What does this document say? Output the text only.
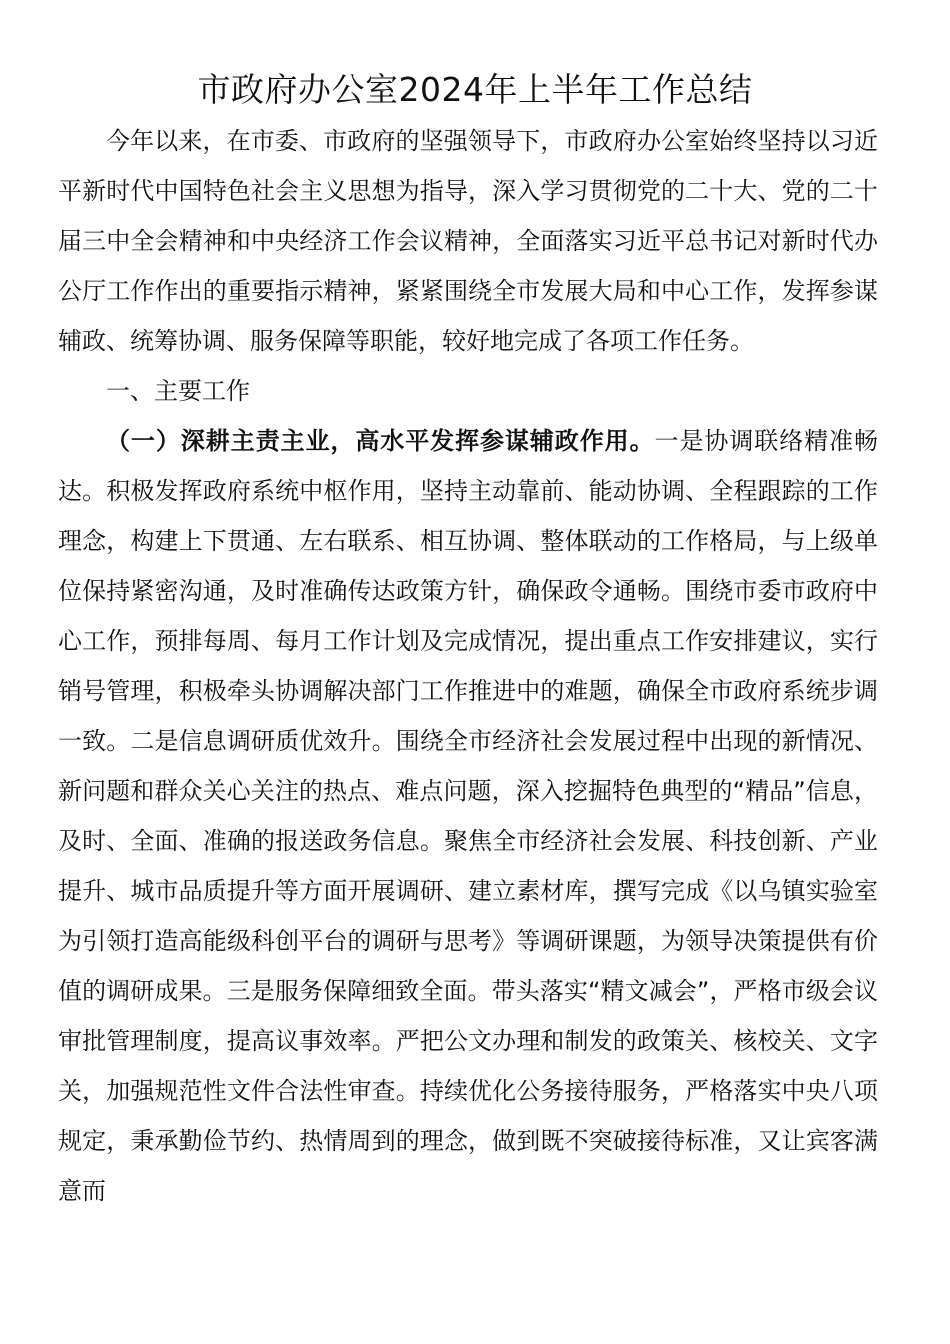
市政府办公室2024年上半年工作总结

今年以来，在市委、市政府的坚强领导下，市政府办公室始终坚持以习近平新时代中国特色社会主义思想为指导，深入学习贯彻党的二十大、党的二十届三中全会精神和中央经济工作会议精神，全面落实习近平总书记对新时代办公厅工作作出的重要指示精神，紧紧围绕全市发展大局和中心工作，发挥参谋辅政、统筹协调、服务保障等职能，较好地完成了各项工作任务。

一、主要工作

（一）深耕主责主业，高水平发挥参谋辅政作用。一是协调联络精准畅达。积极发挥政府系统中枢作用，坚持主动靠前、能动协调、全程跟踪的工作理念，构建上下贯通、左右联系、相互协调、整体联动的工作格局，与上级单位保持紧密沟通，及时准确传达政策方针，确保政令通畅。围绕市委市政府中心工作，预排每周、每月工作计划及完成情况，提出重点工作安排建议，实行销号管理，积极牵头协调解决部门工作推进中的难题，确保全市政府系统步调一致。二是信息调研质优效升。围绕全市经济社会发展过程中出现的新情况、新问题和群众关心关注的热点、难点问题，深入挖掘特色典型的“精品”信息，及时、全面、准确的报送政务信息。聚焦全市经济社会发展、科技创新、产业提升、城市品质提升等方面开展调研、建立素材库，撰写完成《以乌镇实验室为引领打造高能级科创平台的调研与思考》等调研课题，为领导决策提供有价值的调研成果。三是服务保障细致全面。带头落实“精文减会”，严格市级会议审批管理制度，提高议事效率。严把公文办理和制发的政策关、核校关、文字关，加强规范性文件合法性审查。持续优化公务接待服务，严格落实中央八项规定，秉承勤俭节约、热情周到的理念，做到既不突破接待标准，又让宾客满意而
